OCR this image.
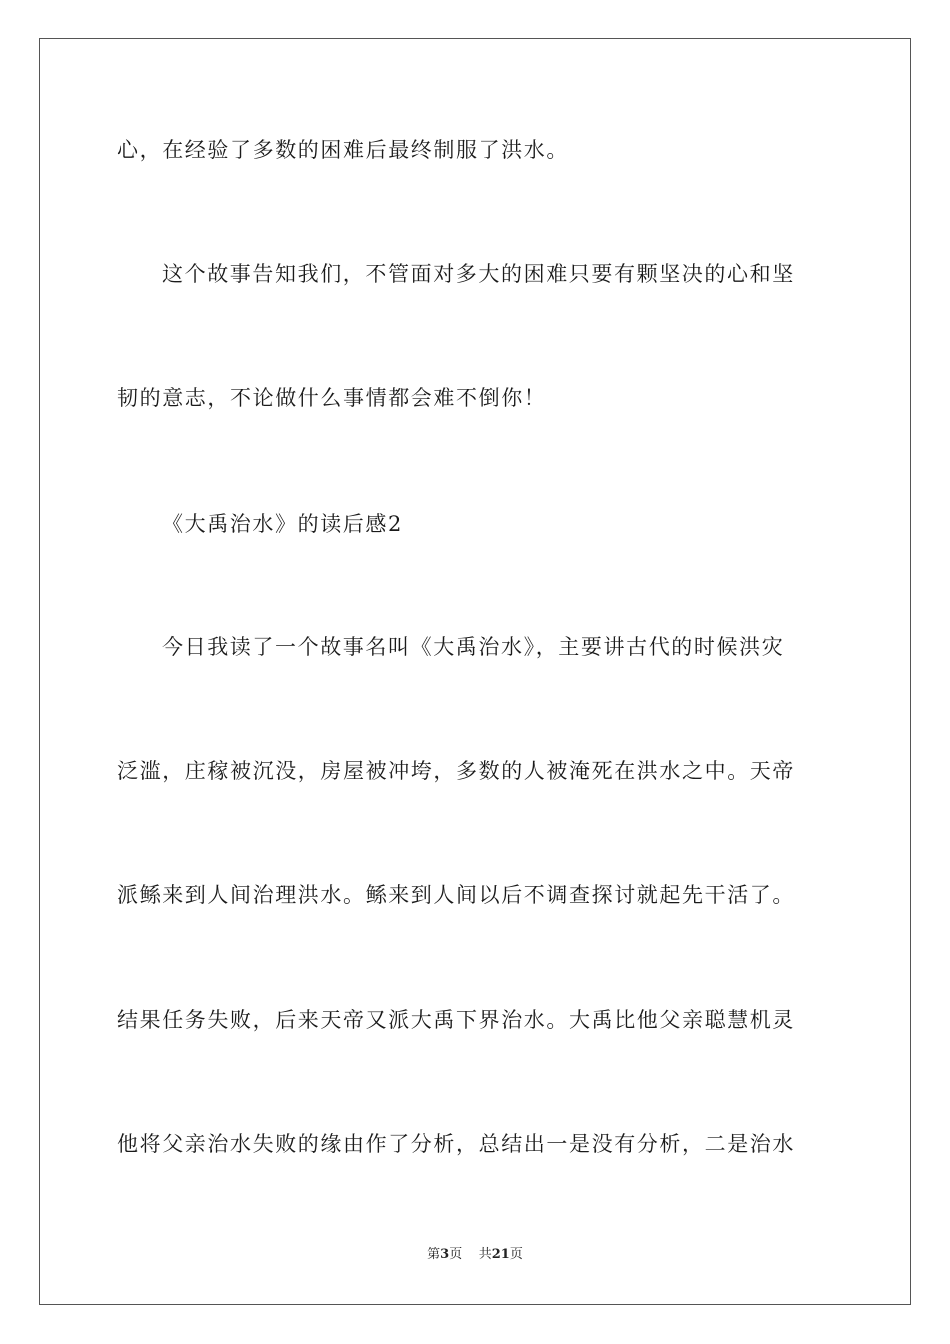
心，在经验了多数的困难后最终制服了洪水。
这个故事告知我们，不管面对多大的困难只要有颗坚决的心和坚
韧的意志，不论做什么事情都会难不倒你！
《大禹治水》的读后感2
今日我读了一个故事名叫《大禹治水》，主要讲古代的时候洪灾
泛滥，庄稼被沉没，房屋被冲垮，多数的人被淹死在洪水之中。天帝
派鲧来到人间治理洪水。鲧来到人间以后不调查探讨就起先干活了。
结果任务失败，后来天帝又派大禹下界治水。大禹比他父亲聪慧机灵
他将父亲治水失败的缘由作了分析，总结出一是没有分析，二是治水
第3页 共21页
